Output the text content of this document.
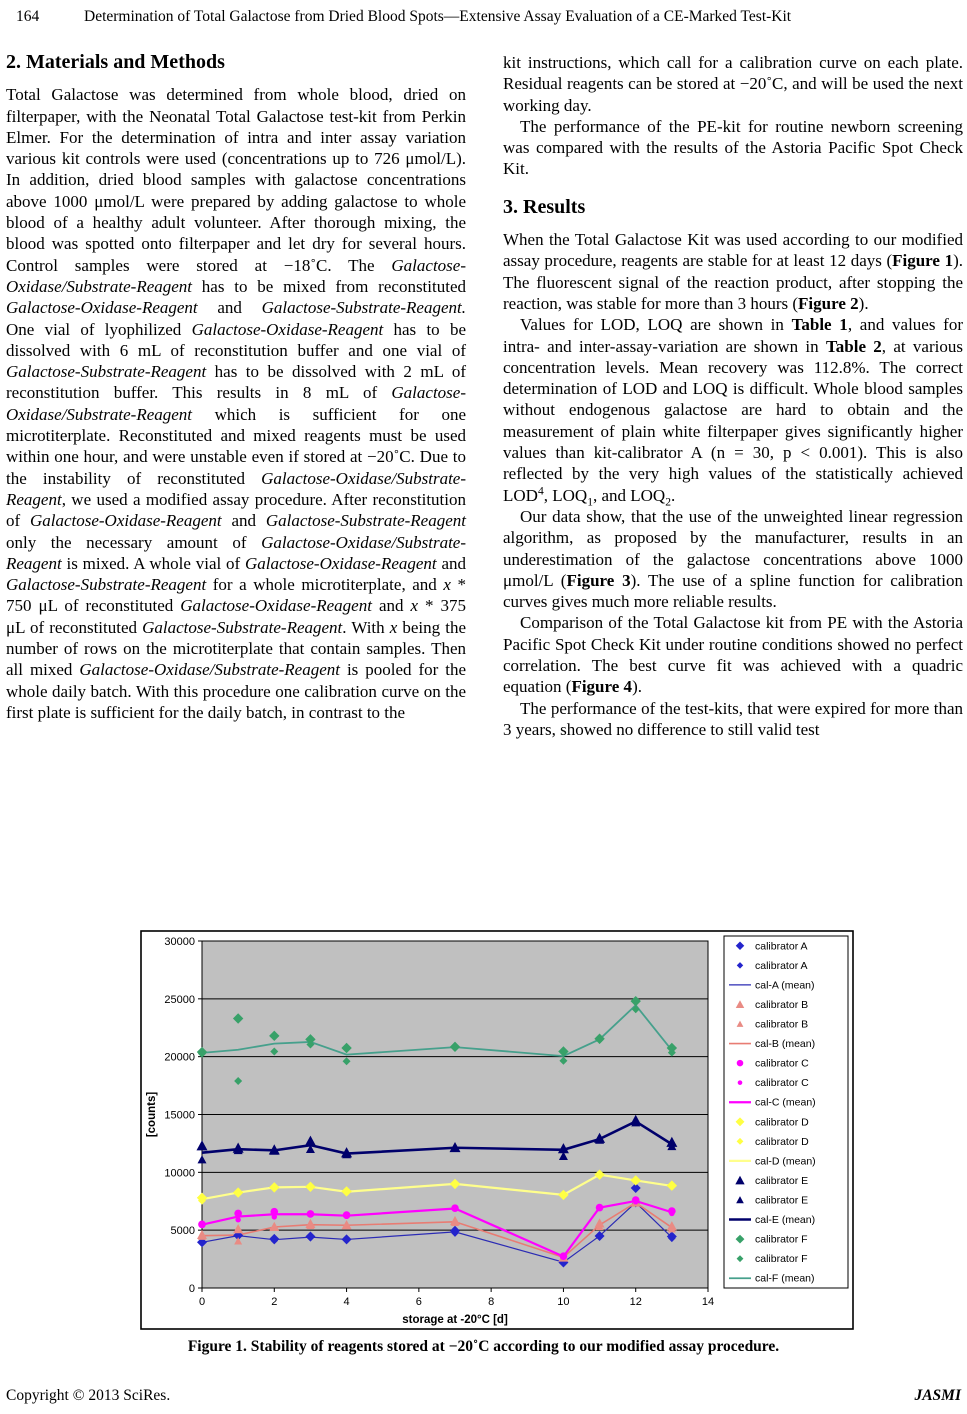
164	Determination of Total Galactose from Dried Blood Spots—Extensive Assay Evaluation of a CE-Marked Test-Kit
2. Materials and Methods

Total Galactose was determined from whole blood, dried on filterpaper, with the Neonatal Total Galactose test-kit from Perkin Elmer. For the determination of intra and inter assay variation various kit controls were used (concentrations up to 726 μmol/L). In addition, dried blood samples with galactose concentrations above 1000 μmol/L were prepared by adding galactose to whole blood of a healthy adult volunteer. After thorough mixing, the blood was spotted onto filterpaper and let dry for several hours. Control samples were stored at −18˚C. The Galactose-Oxidase/Substrate-Reagent has to be mixed from reconstituted Galactose-Oxidase-Reagent and Galactose-Substrate-Reagent. One vial of lyophilized Galactose-Oxidase-Reagent has to be dissolved with 6 mL of reconstitution buffer and one vial of Galactose-Substrate-Reagent has to be dissolved with 2 mL of reconstitution buffer. This results in 8 mL of Galactose-Oxidase/Substrate-Reagent which is sufficient for one microtiterplate. Reconstituted and mixed reagents must be used within one hour, and were unstable even if stored at −20˚C. Due to the instability of reconstituted Galactose-Oxidase/Substrate-Reagent, we used a modified assay procedure. After reconstitution of Galactose-Oxidase-Reagent and Galactose-Substrate-Reagent only the necessary amount of Galactose-Oxidase/Substrate-Reagent is mixed. A whole vial of Galactose-Oxidase-Reagent and Galactose-Substrate-Reagent for a whole microtiterplate, and x * 750 μL of reconstituted Galactose-Oxidase-Reagent and x * 375 μL of reconstituted Galactose-Substrate-Reagent. With x being the number of rows on the microtiterplate that contain samples. Then all mixed Galactose-Oxidase/Substrate-Reagent is pooled for the whole daily batch. With this procedure one calibration curve on the first plate is sufficient for the daily batch, in contrast to the

kit instructions, which call for a calibration curve on each plate. Residual reagents can be stored at −20˚C, and will be used the next working day.

The performance of the PE-kit for routine newborn screening was compared with the results of the Astoria Pacific Spot Check Kit.

3. Results

When the Total Galactose Kit was used according to our modified assay procedure, reagents are stable for at least 12 days (Figure 1). The fluorescent signal of the reaction product, after stopping the reaction, was stable for more than 3 hours (Figure 2).

Values for LOD, LOQ are shown in Table 1, and values for intra- and inter-assay-variation are shown in Table 2, at various concentration levels. Mean recovery was 112.8%. The correct determination of LOD and LOQ is difficult. Whole blood samples without endogenous galactose are hard to obtain and the measurement of plain white filterpaper gives significantly higher values than kit-calibrator A (n = 30, p < 0.001). This is also reflected by the very high values of the statistically achieved LOD$^4$, $LOQ_1$, and $LOQ_2$.

Our data show, that the use of the unweighted linear regression algorithm, as proposed by the manufacturer, results in an underestimation of the galactose concentrations above 1000 μmol/L (Figure 3). The use of a spline function for calibration curves gives much more reliable results.

Comparison of the Total Galactose kit from PE with the Astoria Pacific Spot Check Kit under routine conditions showed no perfect correlation. The best curve fit was achieved with a quadric equation (Figure 4).

The performance of the test-kits, that were expired for more than 3 years, showed no difference to still valid test

0
5000
10000
15000
20000
25000
30000
0	2	4	6	8	10	12	14
storage at -20°C [d]
[counts]
calibrator A
calibrator A
cal-A (mean)
calibrator B
calibrator B
cal-B (mean)
calibrator C
calibrator C
cal-C (mean)
calibrator D
calibrator D
cal-D (mean)
calibrator E
calibrator E
cal-E (mean)
calibrator F
calibrator F
cal-F (mean)
Figure 1. Stability of reagents stored at −20˚C according to our modified assay procedure.
Copyright © 2013 SciRes.	JASMI
